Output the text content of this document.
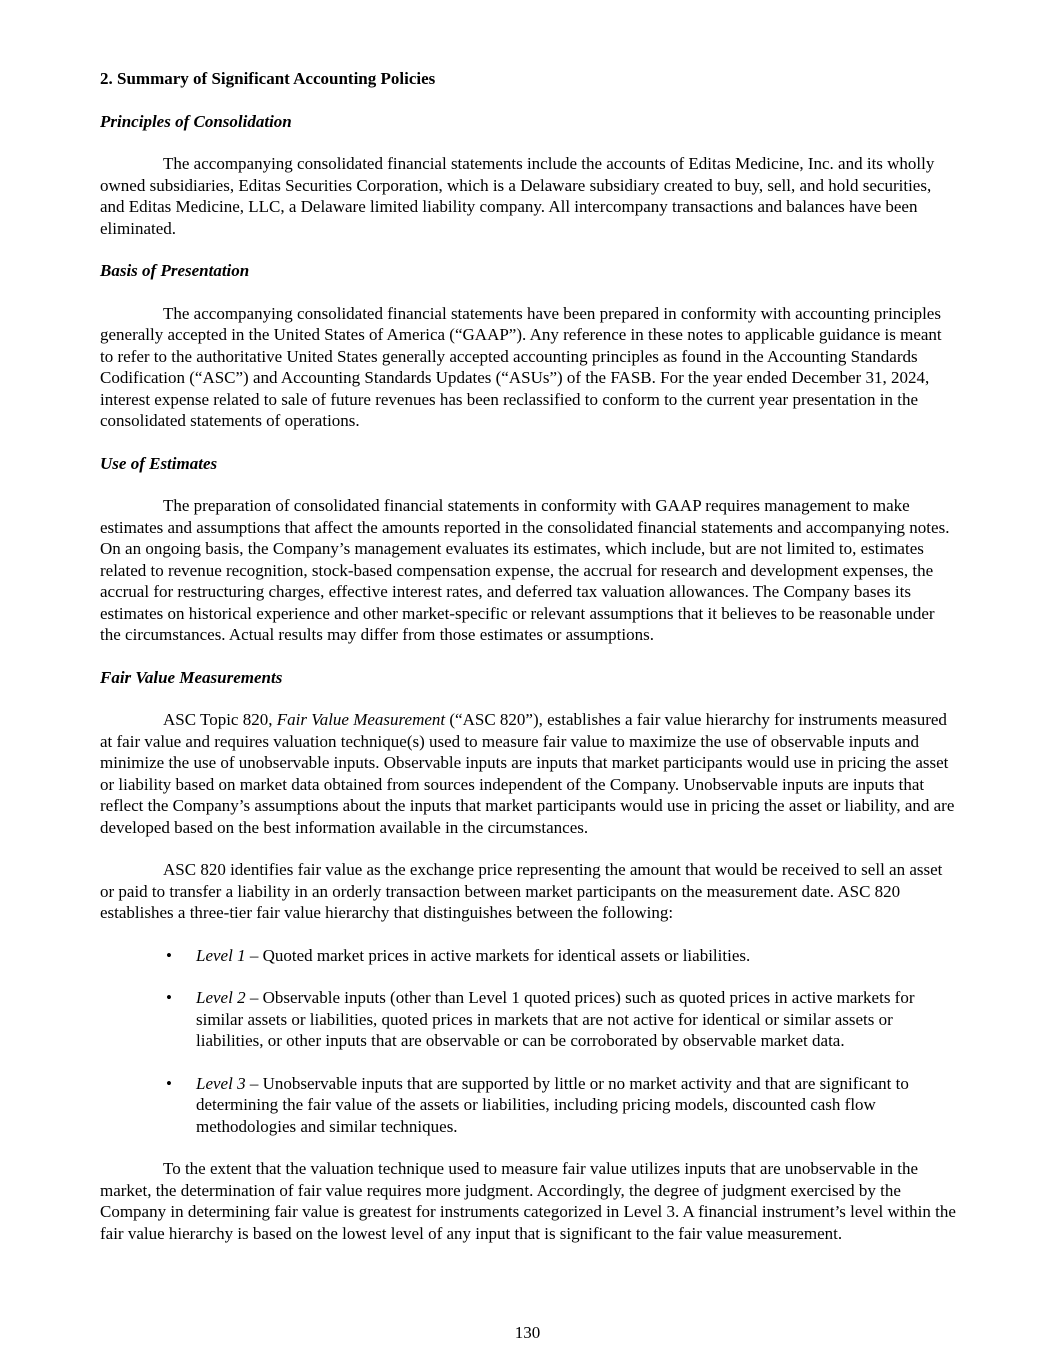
2. Summary of Significant Accounting Policies
Principles of Consolidation
The accompanying consolidated financial statements include the accounts of Editas Medicine, Inc. and its wholly owned subsidiaries, Editas Securities Corporation, which is a Delaware subsidiary created to buy, sell, and hold securities, and Editas Medicine, LLC, a Delaware limited liability company. All intercompany transactions and balances have been eliminated.
Basis of Presentation
The accompanying consolidated financial statements have been prepared in conformity with accounting principles generally accepted in the United States of America (“GAAP”). Any reference in these notes to applicable guidance is meant to refer to the authoritative United States generally accepted accounting principles as found in the Accounting Standards Codification (“ASC”) and Accounting Standards Updates (“ASUs”) of the FASB. For the year ended December 31, 2024, interest expense related to sale of future revenues has been reclassified to conform to the current year presentation in the consolidated statements of operations.
Use of Estimates
The preparation of consolidated financial statements in conformity with GAAP requires management to make estimates and assumptions that affect the amounts reported in the consolidated financial statements and accompanying notes. On an ongoing basis, the Company’s management evaluates its estimates, which include, but are not limited to, estimates related to revenue recognition, stock-based compensation expense, the accrual for research and development expenses, the accrual for restructuring charges, effective interest rates, and deferred tax valuation allowances. The Company bases its estimates on historical experience and other market-specific or relevant assumptions that it believes to be reasonable under the circumstances. Actual results may differ from those estimates or assumptions.
Fair Value Measurements
ASC Topic 820, Fair Value Measurement (“ASC 820”), establishes a fair value hierarchy for instruments measured at fair value and requires valuation technique(s) used to measure fair value to maximize the use of observable inputs and minimize the use of unobservable inputs. Observable inputs are inputs that market participants would use in pricing the asset or liability based on market data obtained from sources independent of the Company. Unobservable inputs are inputs that reflect the Company’s assumptions about the inputs that market participants would use in pricing the asset or liability, and are developed based on the best information available in the circumstances.
ASC 820 identifies fair value as the exchange price representing the amount that would be received to sell an asset or paid to transfer a liability in an orderly transaction between market participants on the measurement date. ASC 820 establishes a three-tier fair value hierarchy that distinguishes between the following:
• Level 1 – Quoted market prices in active markets for identical assets or liabilities.
• Level 2 – Observable inputs (other than Level 1 quoted prices) such as quoted prices in active markets for similar assets or liabilities, quoted prices in markets that are not active for identical or similar assets or liabilities, or other inputs that are observable or can be corroborated by observable market data.
• Level 3 – Unobservable inputs that are supported by little or no market activity and that are significant to determining the fair value of the assets or liabilities, including pricing models, discounted cash flow methodologies and similar techniques.
To the extent that the valuation technique used to measure fair value utilizes inputs that are unobservable in the market, the determination of fair value requires more judgment. Accordingly, the degree of judgment exercised by the Company in determining fair value is greatest for instruments categorized in Level 3. A financial instrument’s level within the fair value hierarchy is based on the lowest level of any input that is significant to the fair value measurement.
130
